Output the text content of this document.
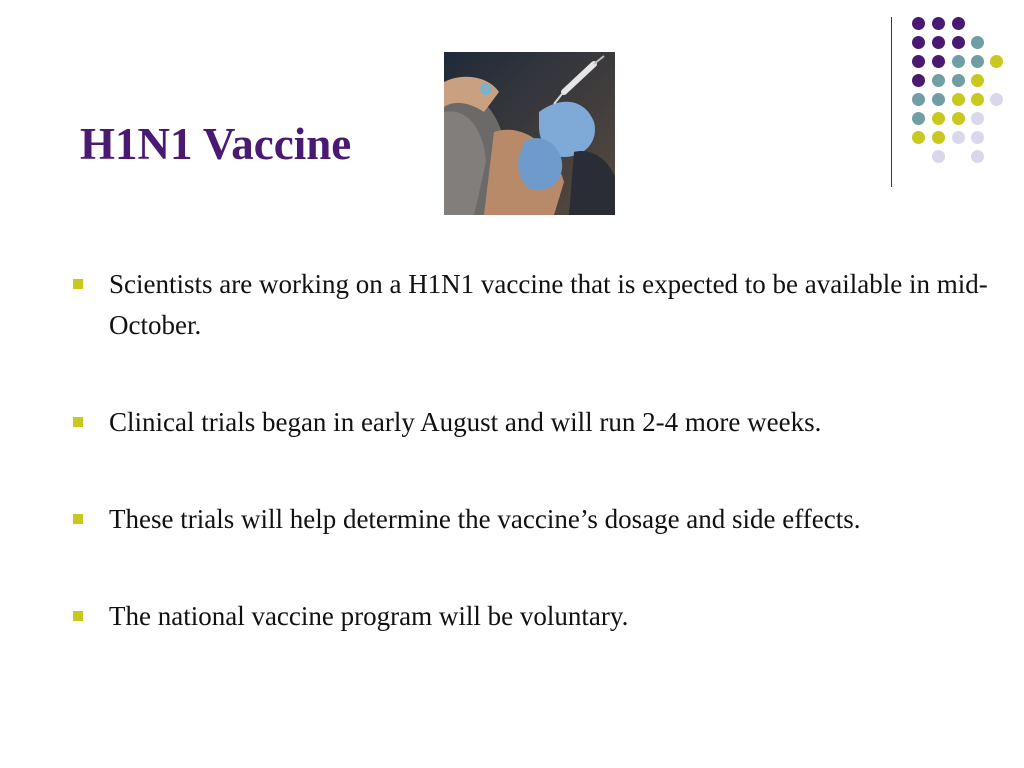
H1N1 Vaccine
Scientists are working on a H1N1 vaccine that is expected to be available in mid-October.
Clinical trials began in early August and will run 2-4 more weeks.
These trials will help determine the vaccine’s dosage and side effects.
The national vaccine program will be voluntary.
